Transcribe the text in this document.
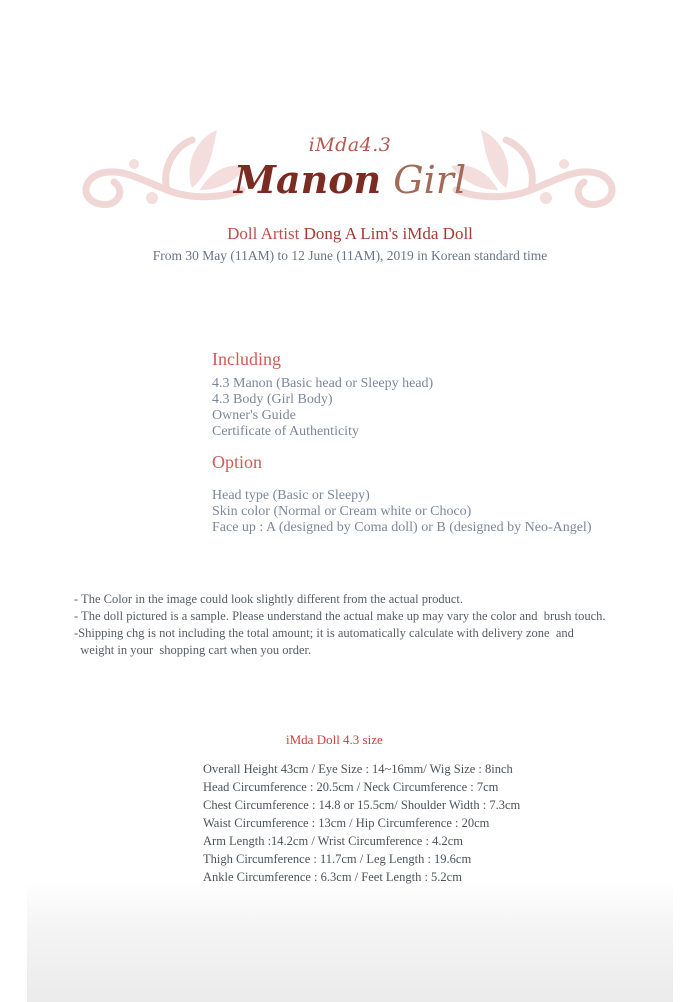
iMda4.3
Manon Girl
Doll Artist Dong A Lim's iMda Doll
From 30 May (11AM) to 12 June (11AM), 2019 in Korean standard time
Including
4.3 Manon (Basic head or Sleepy head)
4.3 Body (Girl Body)
Owner's Guide
Certificate of Authenticity
Option
Head type (Basic or Sleepy)
Skin color (Normal or Cream white or Choco)
Face up : A (designed by Coma doll) or B (designed by Neo-Angel)
- The Color in the image could look slightly different from the actual product.
- The doll pictured is a sample. Please understand the actual make up may vary the color and  brush touch.
-Shipping chg is not including the total amount; it is automatically calculate with delivery zone  and
weight in your  shopping cart when you order.
iMda Doll 4.3 size
Overall Height 43cm / Eye Size : 14~16mm/ Wig Size : 8inch
Head Circumference : 20.5cm / Neck Circumference : 7cm
Chest Circumference : 14.8 or 15.5cm/ Shoulder Width : 7.3cm
Waist Circumference : 13cm / Hip Circumference : 20cm
Arm Length :14.2cm / Wrist Circumference : 4.2cm
Thigh Circumference : 11.7cm / Leg Length : 19.6cm
Ankle Circumference : 6.3cm / Feet Length : 5.2cm
